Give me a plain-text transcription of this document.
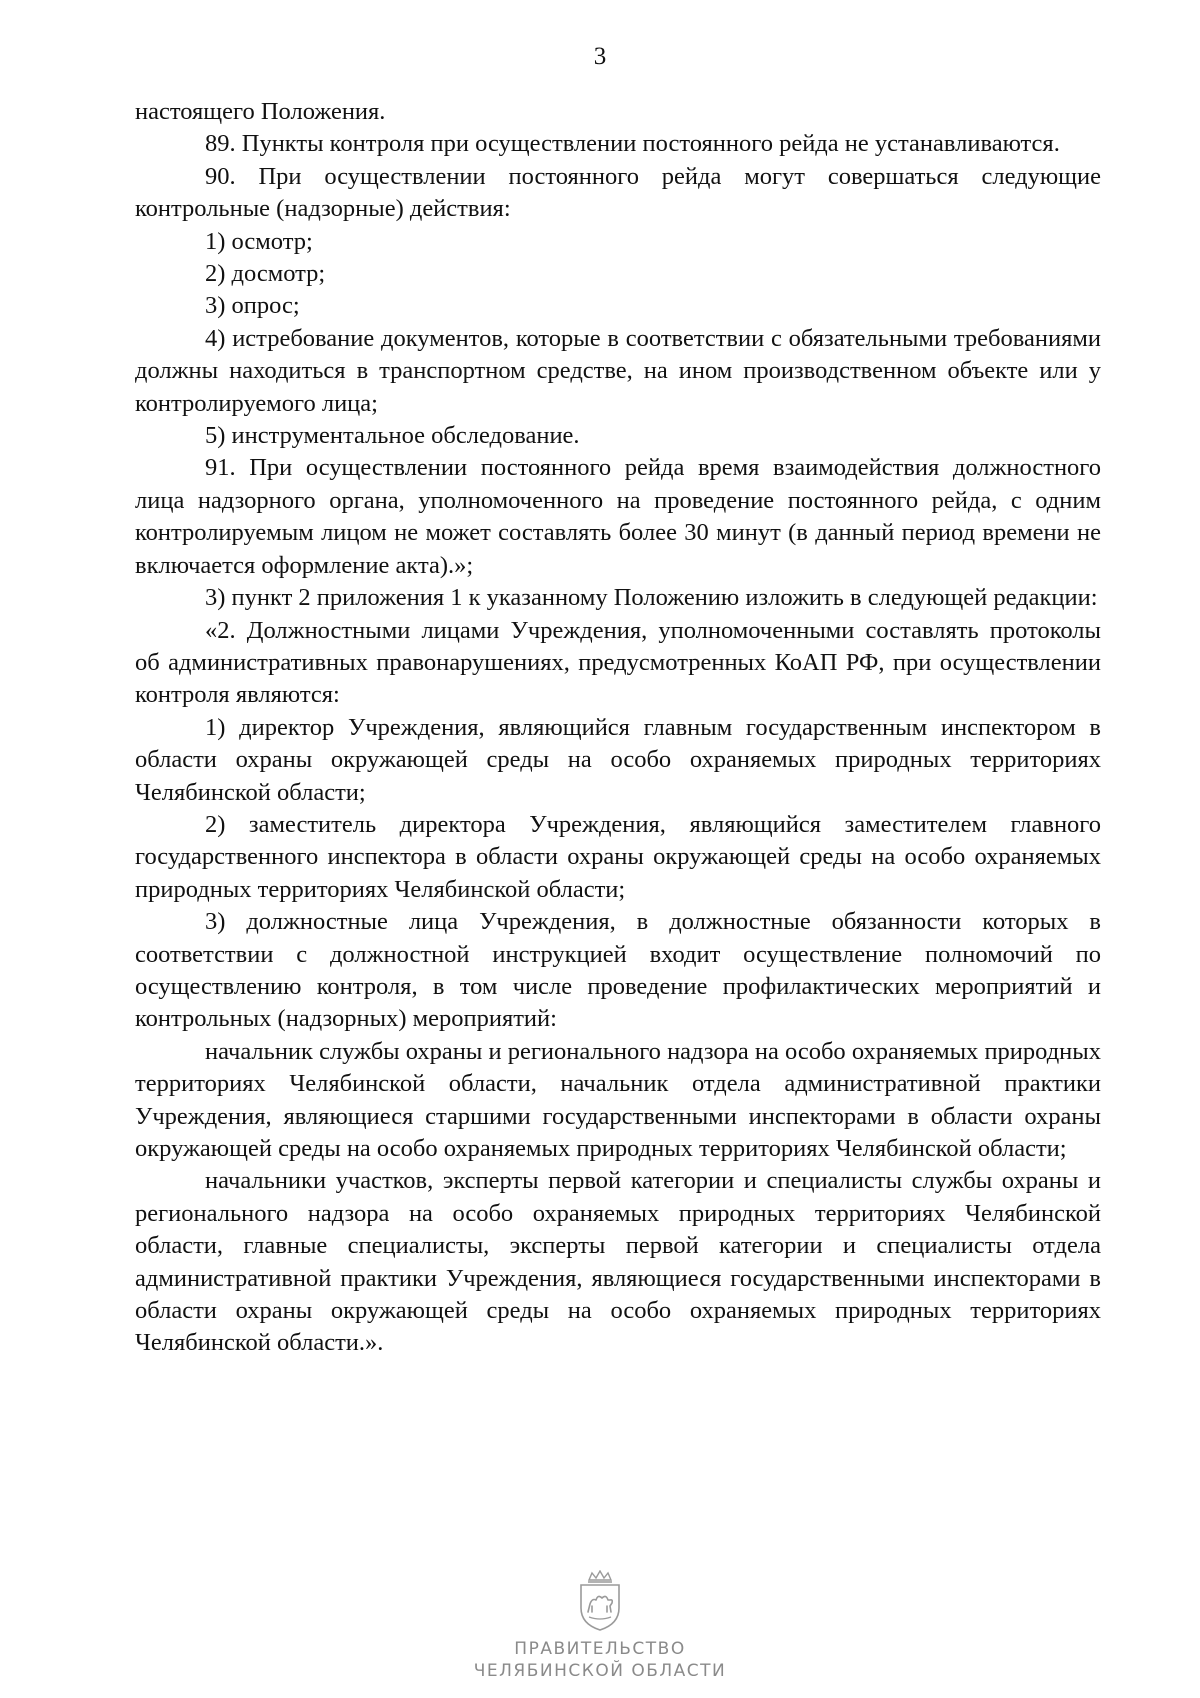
3

настоящего Положения.

89. Пункты контроля при осуществлении постоянного рейда не устанавливаются.

90. При осуществлении постоянного рейда могут совершаться следующие контрольные (надзорные) действия:

1) осмотр;

2) досмотр;

3) опрос;

4) истребование документов, которые в соответствии с обязательными требованиями должны находиться в транспортном средстве, на ином производственном объекте или у контролируемого лица;

5) инструментальное обследование.

91. При осуществлении постоянного рейда время взаимодействия должностного лица надзорного органа, уполномоченного на проведение постоянного рейда, с одним контролируемым лицом не может составлять более 30 минут (в данный период времени не включается оформление акта).»;

3) пункт 2 приложения 1 к указанному Положению изложить в следующей редакции:

«2. Должностными лицами Учреждения, уполномоченными составлять протоколы об административных правонарушениях, предусмотренных КоАП РФ, при осуществлении контроля являются:

1) директор Учреждения, являющийся главным государственным инспектором в области охраны окружающей среды на особо охраняемых природных территориях Челябинской области;

2) заместитель директора Учреждения, являющийся заместителем главного государственного инспектора в области охраны окружающей среды на особо охраняемых природных территориях Челябинской области;

3) должностные лица Учреждения, в должностные обязанности которых в соответствии с должностной инструкцией входит осуществление полномочий по осуществлению контроля, в том числе проведение профилактических мероприятий и контрольных (надзорных) мероприятий:

начальник службы охраны и регионального надзора на особо охраняемых природных территориях Челябинской области, начальник отдела административной практики Учреждения, являющиеся старшими государственными инспекторами в области охраны окружающей среды на особо охраняемых природных территориях Челябинской области;

начальники участков, эксперты первой категории и специалисты службы охраны и регионального надзора на особо охраняемых природных территориях Челябинской области, главные специалисты, эксперты первой категории и специалисты отдела административной практики Учреждения, являющиеся государственными инспекторами в области охраны окружающей среды на особо охраняемых природных территориях Челябинской области.».

ПРАВИТЕЛЬСТВО
ЧЕЛЯБИНСКОЙ ОБЛАСТИ
